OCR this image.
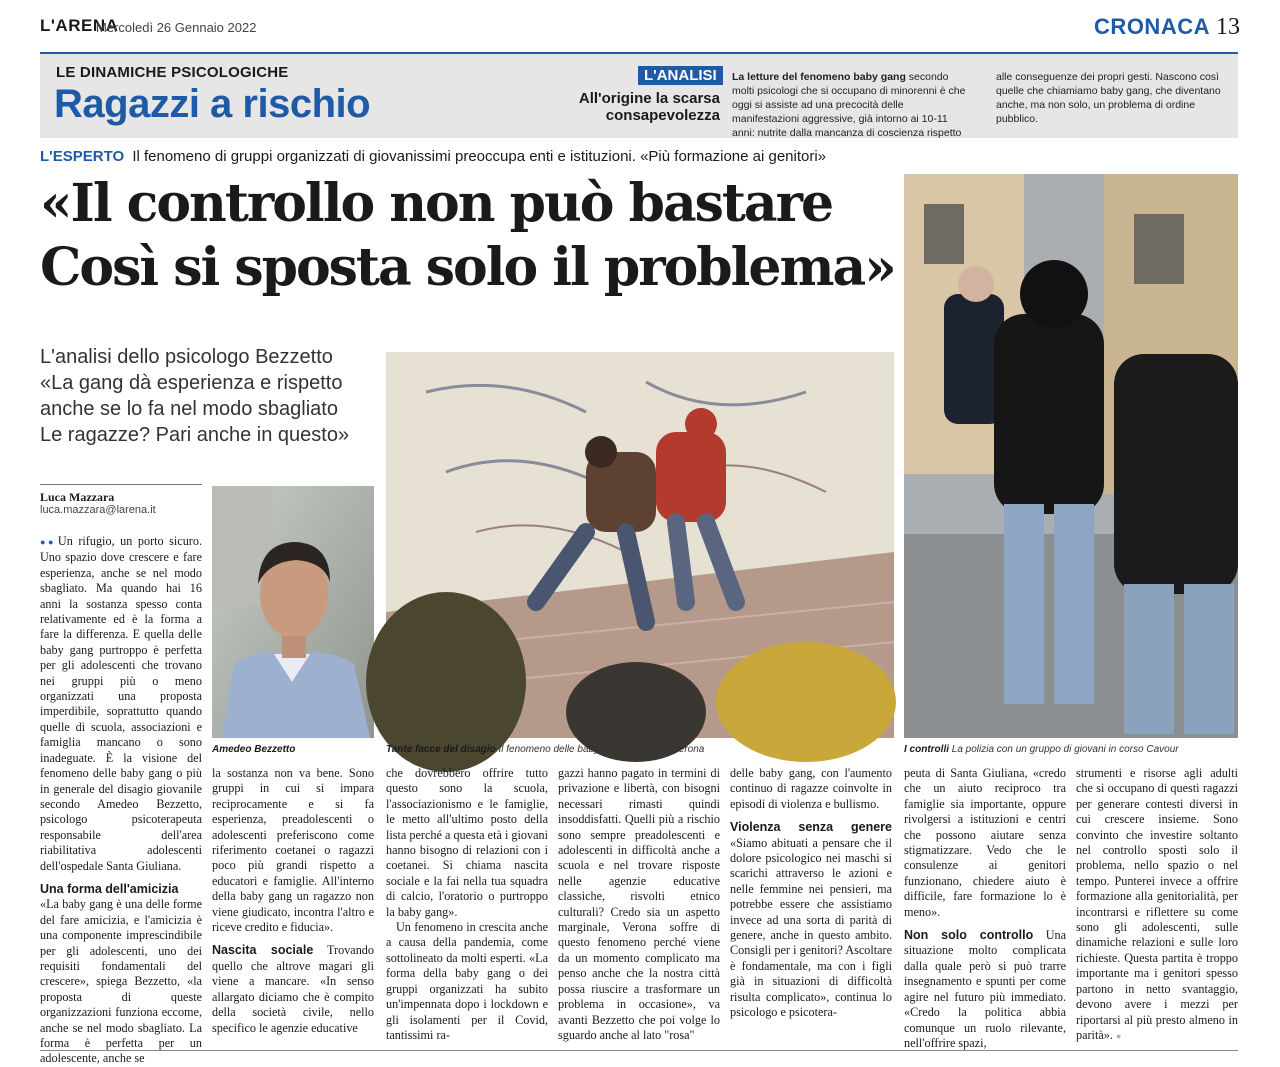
L'ARENA
Mercoledì 26 Gennaio 2022	CRONACA 13
LE DINAMICHE PSICOLOGICHE
Ragazzi a rischio
L'ANALISI
All'origine la scarsa consapevolezza
La letture del fenomeno baby gang secondo molti psicologi che si occupano di minorenni è che oggi si assiste ad una precocità delle manifestazioni aggressive, già intorno ai 10-11 anni: nutrite dalla mancanza di coscienza rispetto alle conseguenze dei propri gesti. Nascono così quelle che chiamiamo baby gang, che diventano anche, ma non solo, un problema di ordine pubblico.
L'ESPERTO Il fenomeno di gruppi organizzati di giovanissimi preoccupa enti e istituzioni. «Più formazione ai genitori»
«Il controllo non può bastare
Così si sposta solo il problema»
L'analisi dello psicologo Bezzetto
«La gang dà esperienza e rispetto
anche se lo fa nel modo sbagliato
Le ragazze? Pari anche in questo»
Luca Mazzara
luca.mazzara@larena.it
Amedeo Bezzetto	Tante facce del disagio Il fenomeno delle baby cresce anche a Verona	I controlli La polizia con un gruppo di giovani in corso Cavour

●● Un rifugio, un porto sicuro. Uno spazio dove crescere e fare esperienza, anche se nel modo sbagliato. Ma quando hai 16 anni la sostanza spesso conta relativamente ed è la forma a fare la differenza. E quella delle baby gang purtroppo è perfetta per gli adolescenti che trovano nei gruppi più o meno organizzati una proposta imperdibile, soprattutto quando quelle di scuola, associazioni e famiglia mancano o sono inadeguate. È la visione del fenomeno delle baby gang o più in generale del disagio giovanile secondo Amedeo Bezzetto, psicologo psicoterapeuta responsabile dell'area riabilitativa adolescenti dell'ospedale Santa Giuliana.

Una forma dell'amicizia

«La baby gang è una delle forme del fare amicizia, e l'amicizia è una componente imprescindibile per gli adolescenti, uno dei requisiti fondamentali del crescere», spiega Bezzetto, «la proposta di queste organizzazioni funziona eccome, anche se nel modo sbagliato. La forma è perfetta per un adolescente, anche se

la sostanza non va bene. Sono gruppi in cui si impara reciprocamente e si fa esperienza, preadolescenti o adolescenti preferiscono come riferimento coetanei o ragazzi poco più grandi rispetto a educatori e famiglie. All'interno della baby gang un ragazzo non viene giudicato, incontra l'altro e riceve credito e fiducia».

Nascita sociale Trovando quello che altrove magari gli viene a mancare. «In senso allargato diciamo che è compito della società civile, nello specifico le agenzie educative

che dovrebbero offrire tutto questo sono la scuola, l'associazionismo e le famiglie, le metto all'ultimo posto della lista perché a questa età i giovani hanno bisogno di relazioni con i coetanei. Si chiama nascita sociale e la fai nella tua squadra di calcio, l'oratorio o purtroppo la baby gang».

Un fenomeno in crescita anche a causa della pandemia, come sottolineato da molti esperti. «La forma della baby gang o dei gruppi organizzati ha subito un'impennata dopo i lockdown e gli isolamenti per il Covid, tantissimi ra-

gazzi hanno pagato in termini di privazione e libertà, con bisogni necessari rimasti quindi insoddisfatti. Quelli più a rischio sono sempre preadolescenti e adolescenti in difficoltà anche a scuola e nel trovare risposte nelle agenzie educative classiche, risvolti etnico culturali? Credo sia un aspetto marginale, Verona soffre di questo fenomeno perché viene da un momento complicato ma penso anche che la nostra città possa riuscire a trasformare un problema in occasione», va avanti Bezzetto che poi volge lo sguardo anche al lato "rosa"

delle baby gang, con l'aumento continuo di ragazze coinvolte in episodi di violenza e bullismo.

Violenza senza genere «Siamo abituati a pensare che il dolore psicologico nei maschi si scarichi attraverso le azioni e nelle femmine nei pensieri, ma potrebbe essere che assistiamo invece ad una sorta di parità di genere, anche in questo ambito. Consigli per i genitori? Ascoltare è fondamentale, ma con i figli già in situazioni di difficoltà risulta complicato», continua lo psicologo e psicotera-

peuta di Santa Giuliana, «credo che un aiuto reciproco tra famiglie sia importante, oppure rivolgersi a istituzioni e centri che possono aiutare senza stigmatizzare. Vedo che le consulenze ai genitori funzionano, chiedere aiuto è difficile, fare formazione lo è meno».

Non solo controllo Una situazione molto complicata dalla quale però si può trarre insegnamento e spunti per come agire nel futuro più immediato. «Credo la politica abbia comunque un ruolo rilevante, nell'offrire spazi,

strumenti e risorse agli adulti che si occupano di questi ragazzi per generare contesti diversi in cui crescere insieme. Sono convinto che investire soltanto nel controllo sposti solo il problema, nello spazio o nel tempo. Punterei invece a offrire formazione alla genitorialità, per incontrarsi e riflettere su come sono gli adolescenti, sulle dinamiche relazioni e sulle loro richieste. Questa partita è troppo importante ma i genitori spesso partono in netto svantaggio, devono avere i mezzi per riportarsi al più presto almeno in parità». ●
